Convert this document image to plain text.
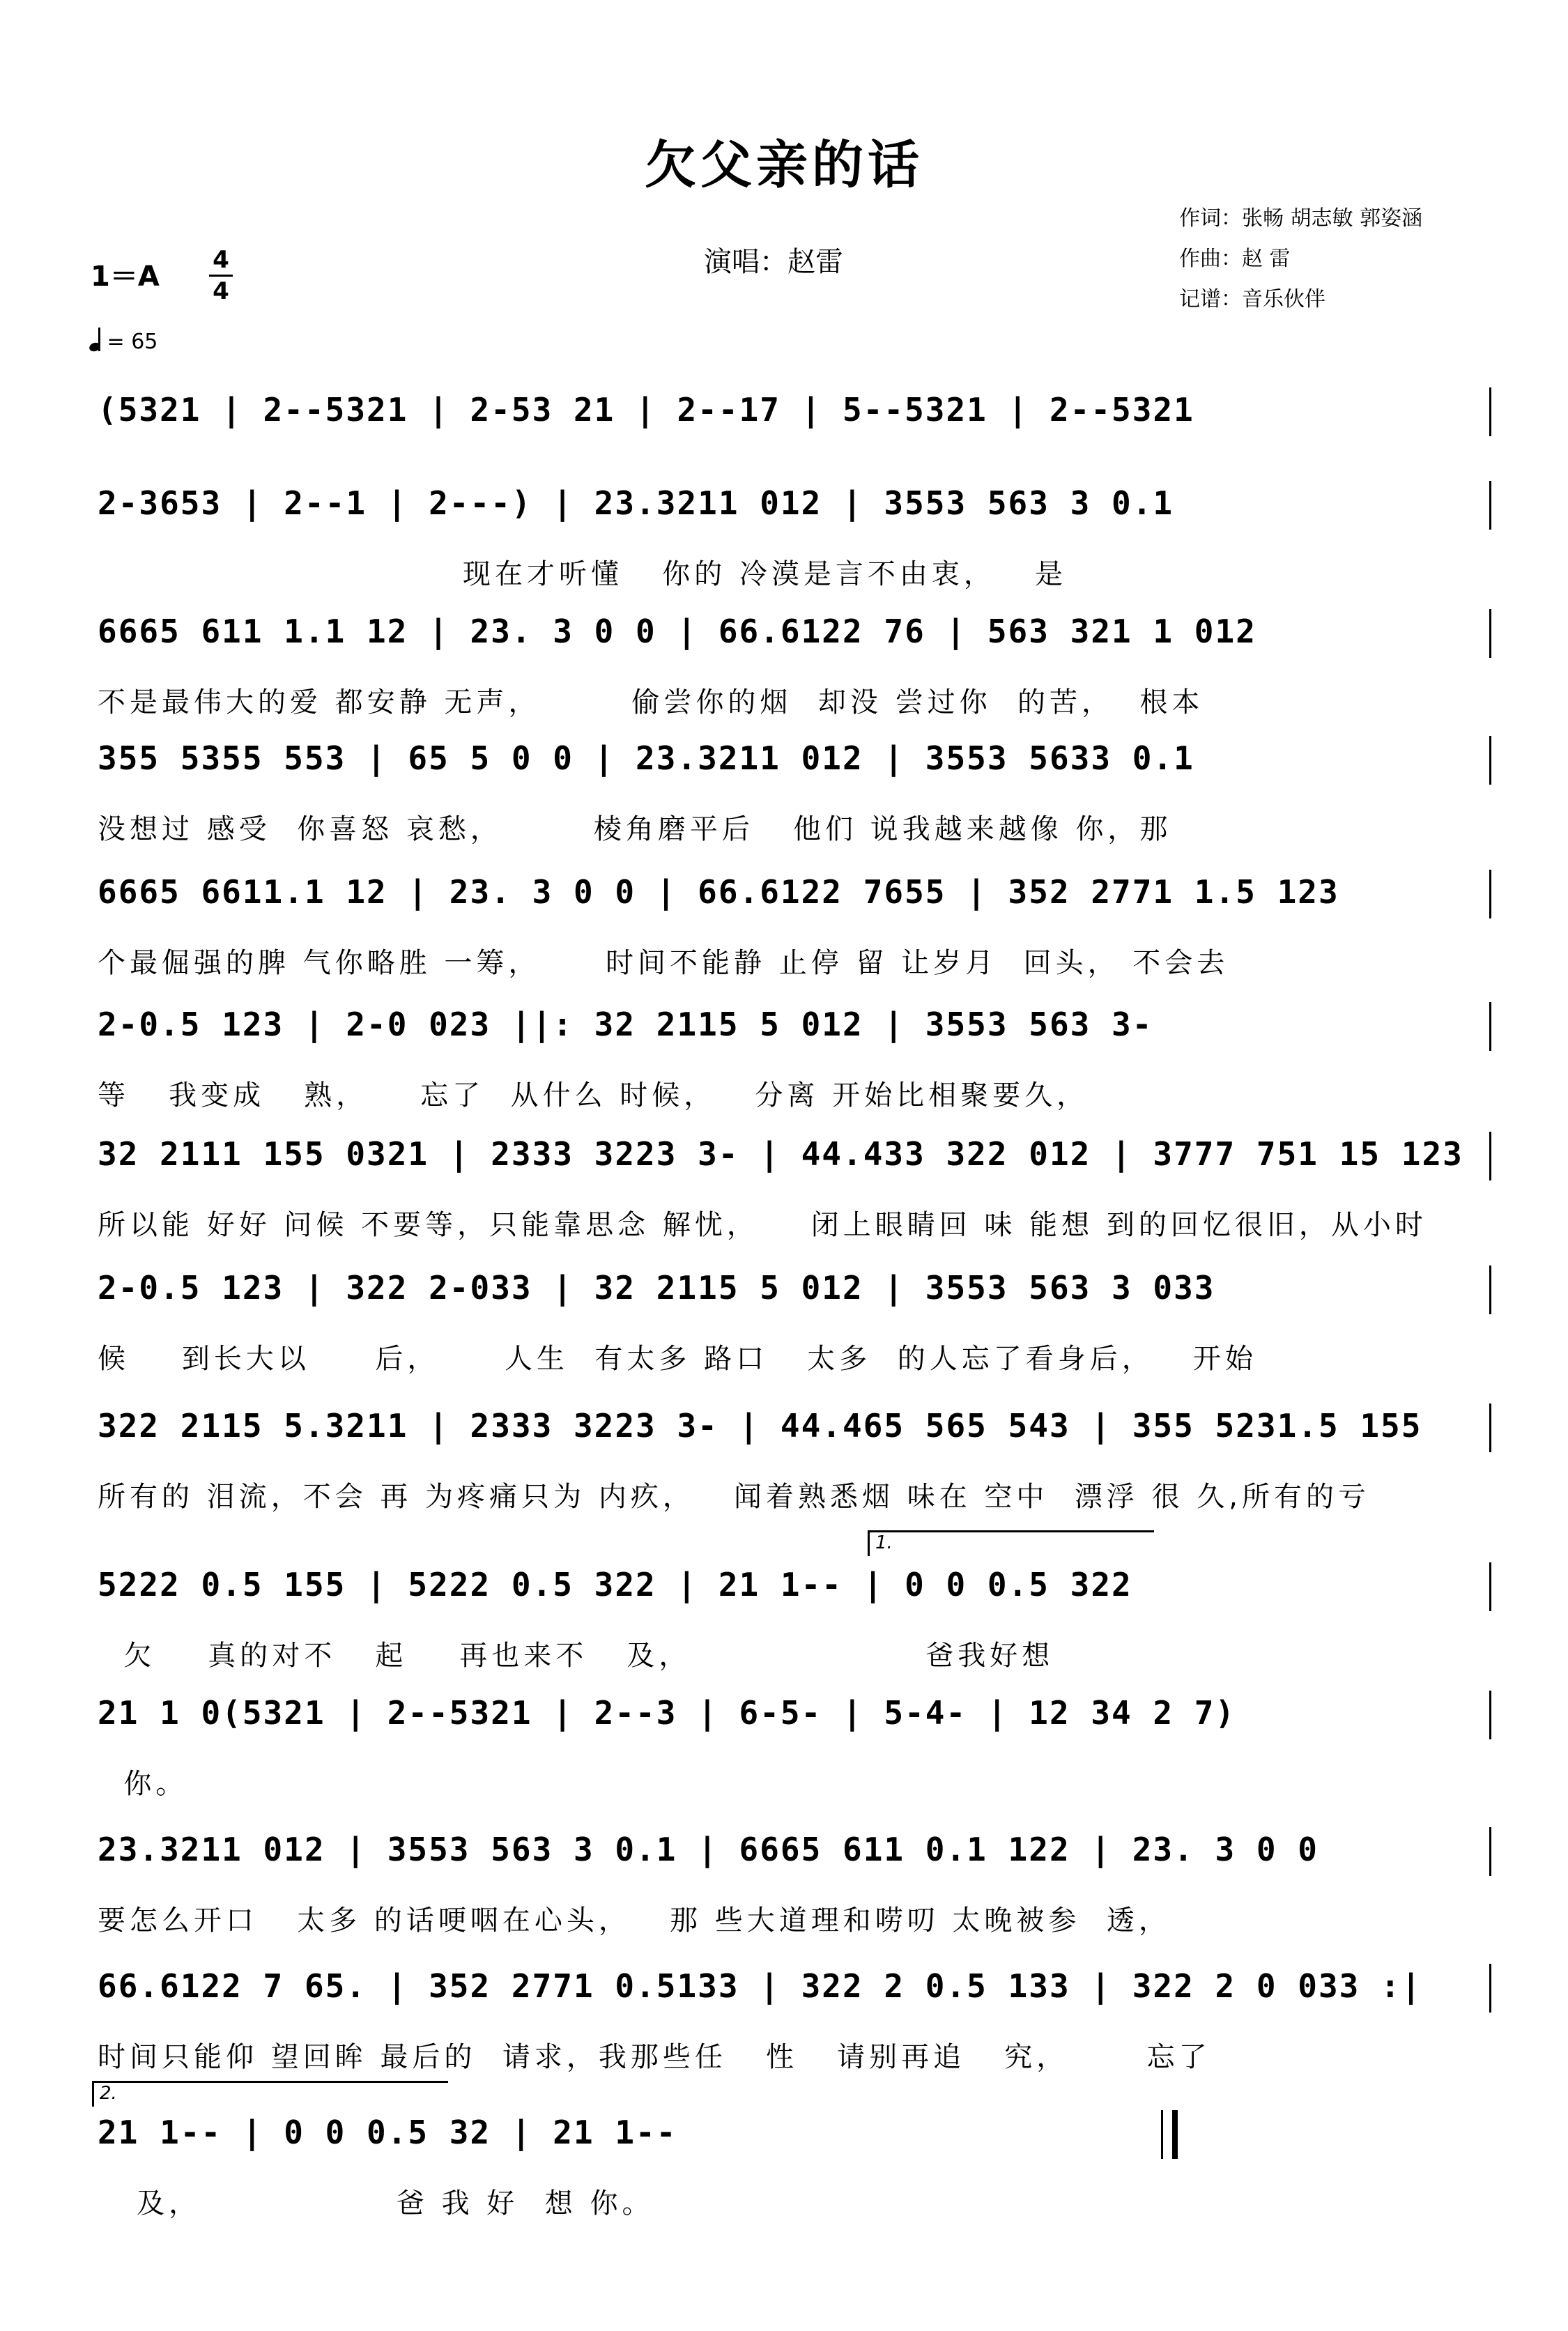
欠父亲的话
演唱：赵雷
作词：张畅 胡志敏 郭姿涵
作曲：赵 雷
记谱：音乐伙伴
1＝A
4
4
= 65
(5321 | 2--5321 | 2-53 21 | 2--17 | 5--5321 | 2--5321
2-3653 | 2--1 | 2---) | 23.3211 012 | 3553 563 3 0.1
现在才听懂   你的 冷漠是言不由衷，   是
6665 611 1.1 12 | 23. 3 0 0 | 66.6122 76 | 563 321 1 012
不是最伟大的爱 都安静 无声，       偷尝你的烟  却没 尝过你  的苦，  根本
355 5355 553 | 65 5 0 0 | 23.3211 012 | 3553 5633 0.1
没想过 感受  你喜怒 哀愁，       棱角磨平后   他们 说我越来越像 你，那
6665 6611.1 12 | 23. 3 0 0 | 66.6122 7655 | 352 2771 1.5 123
个最倔强的脾 气你略胜 一筹，     时间不能静 止停 留 让岁月  回头， 不会去
2-0.5 123 | 2-0 023 ||: 32 2115 5 012 | 3553 563 3-
等   我变成   熟，    忘了  从什么 时候，   分离 开始比相聚要久，
32 2111 155 0321 | 2333 3223 3- | 44.433 322 012 | 3777 751 15 123
所以能 好好 问候 不要等，只能靠思念 解忧，    闭上眼睛回 味 能想 到的回忆很旧，从小时
2-0.5 123 | 322 2-033 | 32 2115 5 012 | 3553 563 3 033
候    到长大以     后，     人生  有太多 路口   太多  的人忘了看身后，   开始
322 2115 5.3211 | 2333 3223 3- | 44.465 565 543 | 355 5231.5 155
所有的 泪流，不会 再 为疼痛只为 内疚，   闻着熟悉烟 味在 空中  漂浮 很 久,所有的亏
1.
5222 0.5 155 | 5222 0.5 322 | 21 1-- | 0 0 0.5 322
欠    真的对不   起    再也来不   及，                  爸我好想
21 1 0(5321 | 2--5321 | 2--3 | 6-5- | 5-4- | 12 34 2 7)
你。
23.3211 012 | 3553 563 3 0.1 | 6665 611 0.1 122 | 23. 3 0 0
要怎么开口   太多 的话哽咽在心头，   那 些大道理和唠叨 太晚被参  透，
66.6122 7 65. | 352 2771 0.5133 | 322 2 0.5 133 | 322 2 0 033 :|
时间只能仰 望回眸 最后的  请求，我那些任   性   请别再追   究，      忘了
2.
21 1-- | 0 0 0.5 32 | 21 1--
及，               爸 我 好  想 你。
